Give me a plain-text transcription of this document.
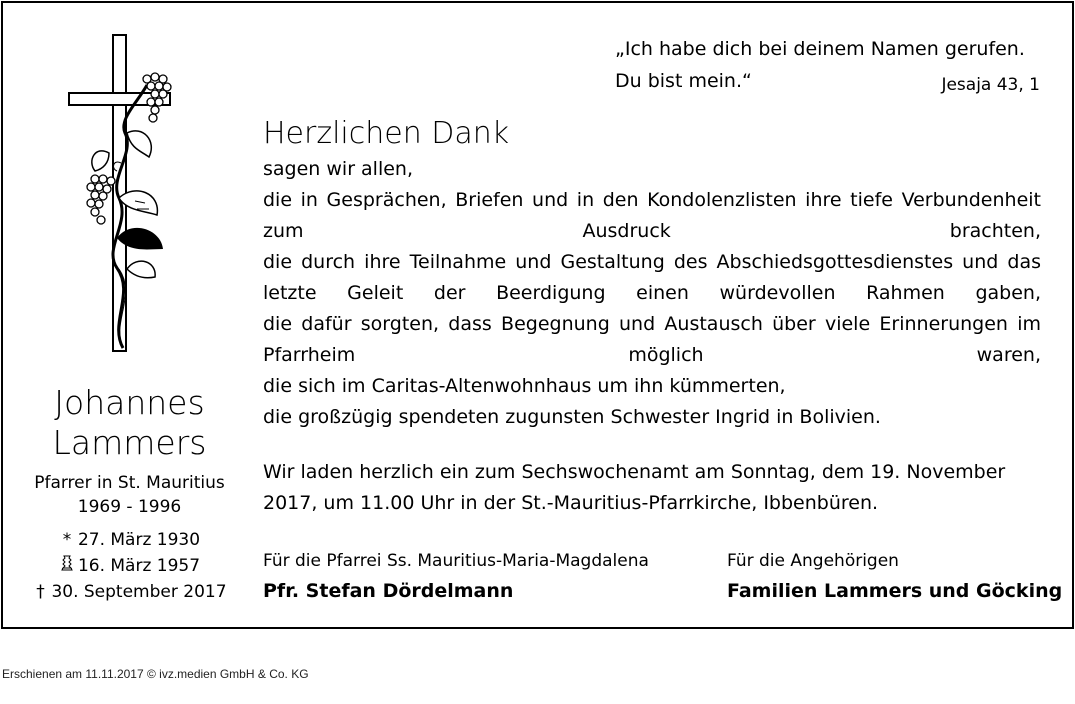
„Ich habe dich bei deinem Namen gerufen.
Du bist mein.“	Jesaja 43, 1
Johannes
Lammers
Pfarrer in St. Mauritius
1969 - 1996
* 27. März 1930
16. März 1957
† 30. September 2017
Herzlichen Dank
sagen wir allen,
die in Gesprächen, Briefen und in den Kondolenzlisten ihre tiefe Verbundenheit zum Ausdruck brachten,
die durch ihre Teilnahme und Gestaltung des Abschiedsgottesdienstes und das letzte Geleit der Beerdigung einen würdevollen Rahmen gaben,
die dafür sorgten, dass Begegnung und Austausch über viele Erinnerungen im Pfarrheim möglich waren,
die sich im Caritas-Altenwohnhaus um ihn kümmerten,
die großzügig spendeten zugunsten Schwester Ingrid in Bolivien.
Wir laden herzlich ein zum Sechswochenamt am Sonntag, dem 19. November 2017, um 11.00 Uhr in der St.-Mauritius-Pfarrkirche, Ibbenbüren.
Für die Pfarrei Ss. Mauritius-Maria-Magdalena
Pfr. Stefan Dördelmann
Für die Angehörigen
Familien Lammers und Göcking
Erschienen am 11.11.2017 © ivz.medien GmbH & Co. KG
